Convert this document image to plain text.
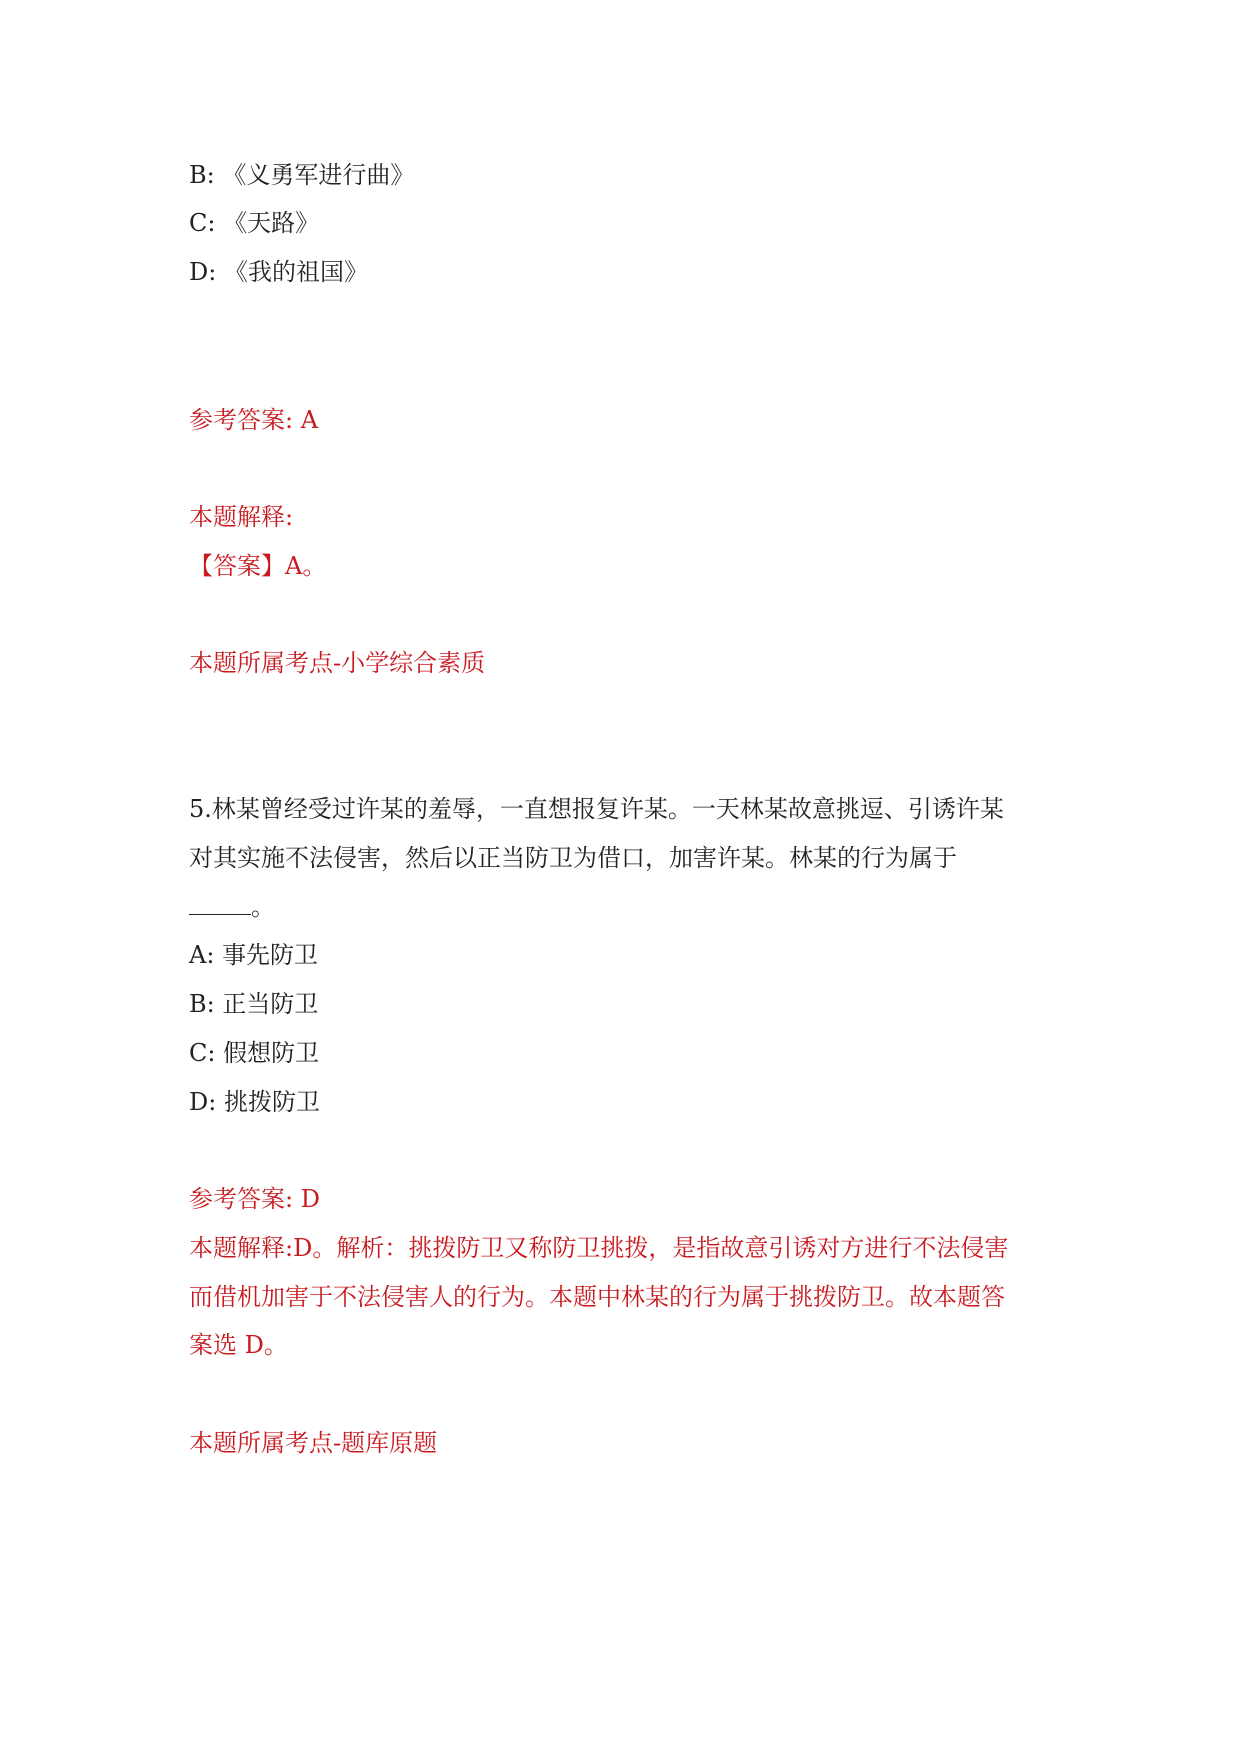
B: 《义勇军进行曲》
C: 《天路》
D: 《我的祖国》
参考答案: A
本题解释:
【答案】A。
本题所属考点-小学综合素质
5.林某曾经受过许某的羞辱，一直想报复许某。一天林某故意挑逗、引诱许某
对其实施不法侵害，然后以正当防卫为借口，加害许某。林某的行为属于
。
A: 事先防卫
B: 正当防卫
C: 假想防卫
D: 挑拨防卫
参考答案: D
本题解释:D。解析：挑拨防卫又称防卫挑拨，是指故意引诱对方进行不法侵害
而借机加害于不法侵害人的行为。本题中林某的行为属于挑拨防卫。故本题答
案选 D。
本题所属考点-题库原题
